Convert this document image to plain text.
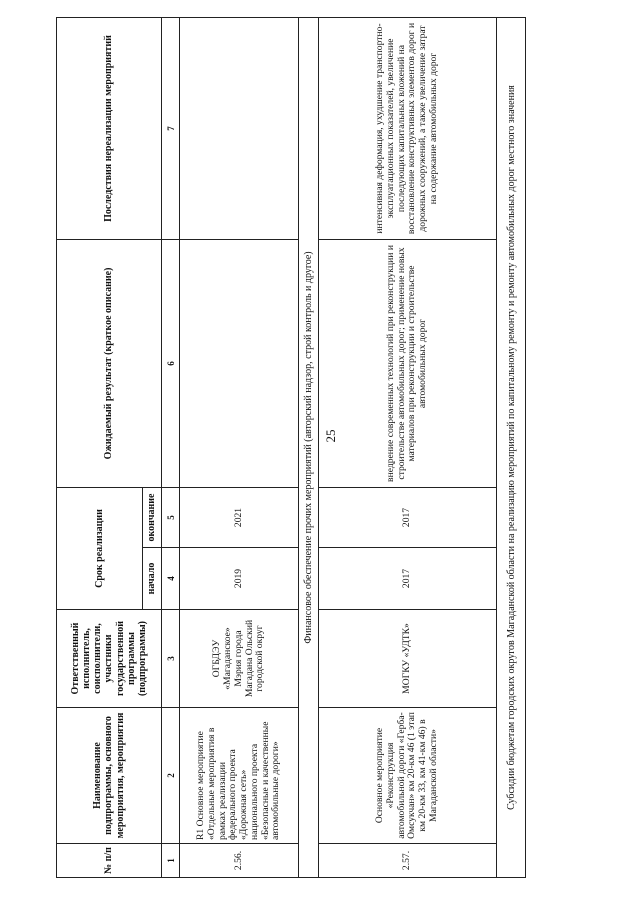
25
№ п/п	Наименование подпрограммы, основного мероприятия, мероприятия	Ответственный исполнитель, соисполнители, участники государственной программы (подпрограммы)	Срок реализации		Ожидаемый результат (краткое описание)	Последствия нереализации мероприятий
			начало	окончание		
1	2	3	4	5	6	7
2.56.	R1 Основное мероприятие «Отдельные мероприятия в рамках реализации федерального проекта «Дорожная сеть» национального проекта «Безопасные и качественные автомобильные дороги»	ОГБДЭУ «Магаданское» Мэрия города Магадана Ольский городской округ	2019	2021		
Финансовое обеспечение прочих мероприятий (авторский надзор, строй контроль и другое)						
2.57.	Основное мероприятие «Реконструкция автомобильной дороги «Герба-Омсукчан» км 20-км 46 (1 этап км 20-км 33, км 41-км 46) в Магаданской области»	МОГКУ «УДТК»	2017	2017	внедрение современных технологий при реконструкции и строительстве автомобильных дорог; применение новых материалов при реконструкции и строительстве автомобильных дорог	интенсивная деформация, ухудшение транспортно-эксплуатационных показателей, увеличение последующих капитальных вложений на восстановление конструктивных элементов дорог и дорожных сооружений, а также увеличение затрат на содержание автомобильных дорог
Субсидии бюджетам городских округов Магаданской области на реализацию мероприятий по капитальному ремонту и ремонту автомобильных дорог местного значения						
